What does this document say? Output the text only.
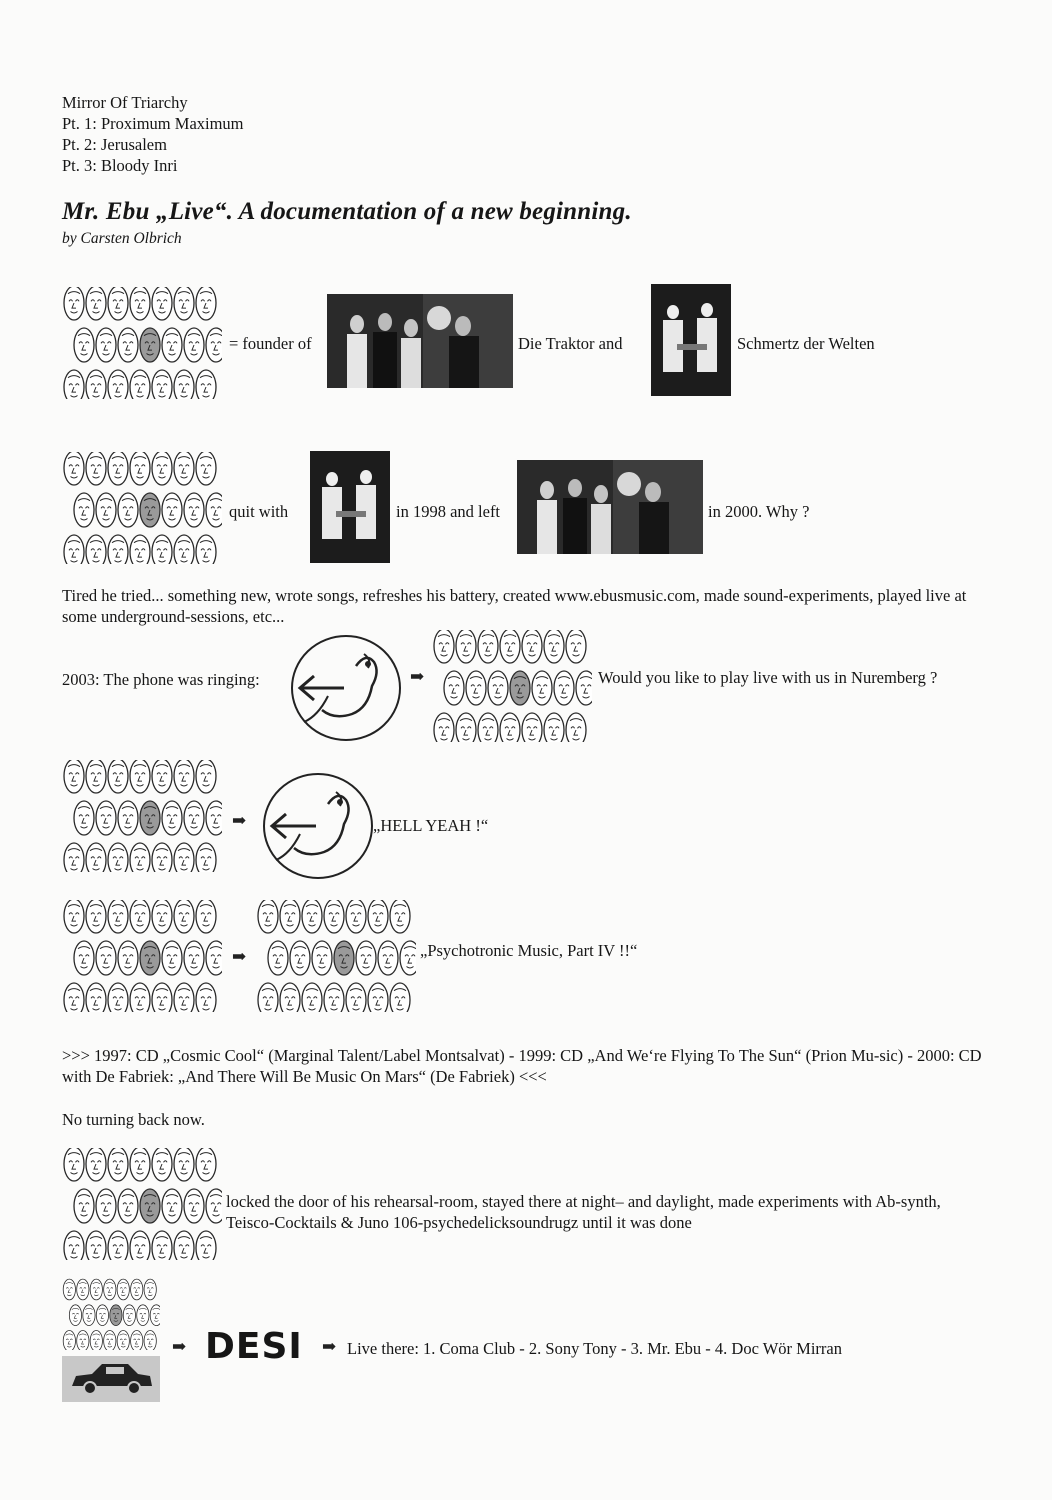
Mirror Of Triarchy
Pt. 1: Proximum Maximum
Pt. 2: Jerusalem
Pt. 3: Bloody Inri
Mr. Ebu „Live“. A documentation of a new beginning.
by Carsten Olbrich
= founder of	Die Traktor and	Schmertz der Welten
quit with	in 1998 and left	in 2000. Why ?
Tired he tried... something new, wrote songs, refreshes his battery, created www.ebusmusic.com, made sound-experiments, played live at some underground-sessions, etc...
2003: The phone was ringing:	➡	Would you like to play live with us in Nuremberg ?
➡	„HELL YEAH !“
➡	„Psychotronic Music, Part IV !!“
>>> 1997: CD „Cosmic Cool“ (Marginal Talent/Label Montsalvat) - 1999: CD „And We‘re Flying To The Sun“ (Prion Mu-sic) - 2000: CD with De Fabriek: „And There Will Be Music On Mars“ (De Fabriek) <<<
No turning back now.
locked the door of his rehearsal-room, stayed there at night– and daylight, made experiments with Ab-synth, Teisco-Cocktails & Juno 106-psychedelicksoundrugz until it was done
➡ DESI ➡ Live there: 1. Coma Club - 2. Sony Tony - 3. Mr. Ebu - 4. Doc Wör Mirran
